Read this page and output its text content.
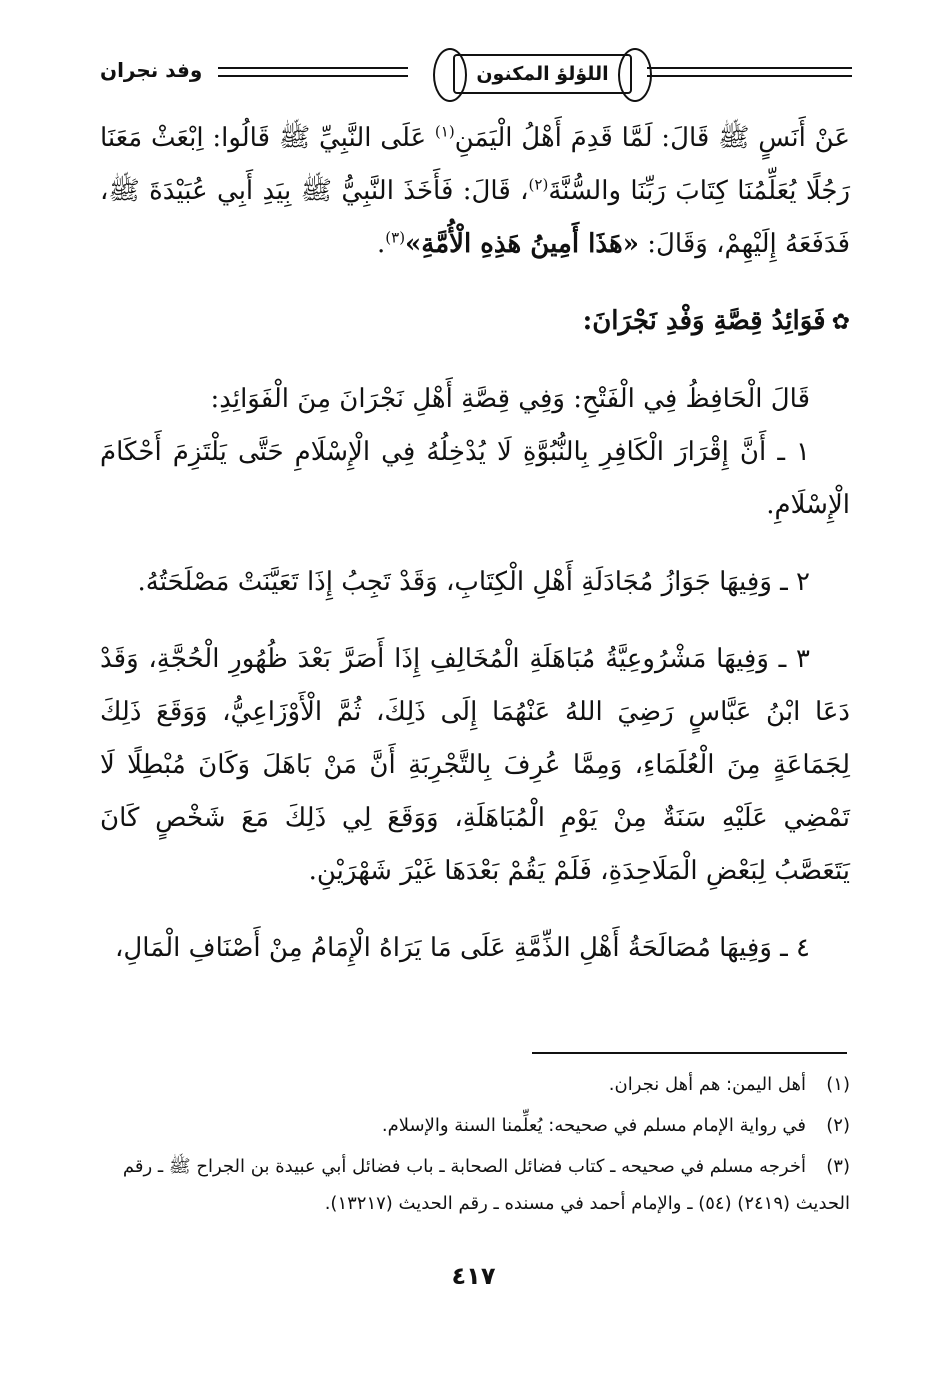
اللؤلؤ المكنون
وفد نجران

عَنْ أَنَسٍ ﷺ قَالَ: لَمَّا قَدِمَ أَهْلُ الْيَمَنِ$^{(١)}$ عَلَى النَّبِيِّ ﷺ قَالُوا: اِبْعَثْ مَعَنَا رَجُلًا يُعَلِّمُنَا كِتَابَ رَبِّنَا والسُّنَّةَ$^{(٢)}$، قَالَ: فَأَخَذَ النَّبِيُّ ﷺ بِيَدِ أَبِي عُبَيْدَةَ ﷺ، فَدَفَعَهُ إِلَيْهِمْ، وَقَالَ: «هَذَا أَمِينُ هَذِهِ الْأُمَّةِ»$^{(٣)}$.

✿فَوَائِدُ قِصَّةِ وَفْدِ نَجْرَانَ:

قَالَ الْحَافِظُ فِي الْفَتْحِ: وَفِي قِصَّةِ أَهْلِ نَجْرَانَ مِنَ الْفَوَائِدِ:

١ ـ أَنَّ إِقْرَارَ الْكَافِرِ بِالنُّبُوَّةِ لَا يُدْخِلُهُ فِي الْإِسْلَامِ حَتَّى يَلْتَزِمَ أَحْكَامَ الْإِسْلَامِ.

٢ ـ وَفِيهَا جَوَازُ مُجَادَلَةِ أَهْلِ الْكِتَابِ، وَقَدْ تَجِبُ إِذَا تَعَيَّنَتْ مَصْلَحَتُهُ.

٣ ـ وَفِيهَا مَشْرُوعِيَّةُ مُبَاهَلَةِ الْمُخَالِفِ إِذَا أَصَرَّ بَعْدَ ظُهُورِ الْحُجَّةِ، وَقَدْ دَعَا ابْنُ عَبَّاسٍ رَضِيَ اللهُ عَنْهُمَا إِلَى ذَلِكَ، ثُمَّ الْأَوْزَاعِيُّ، وَوَقَعَ ذَلِكَ لِجَمَاعَةٍ مِنَ الْعُلَمَاءِ، وَمِمَّا عُرِفَ بِالتَّجْرِبَةِ أَنَّ مَنْ بَاهَلَ وَكَانَ مُبْطِلًا لَا تَمْضِي عَلَيْهِ سَنَةٌ مِنْ يَوْمِ الْمُبَاهَلَةِ، وَوَقَعَ لِي ذَلِكَ مَعَ شَخْصٍ كَانَ يَتَعَصَّبُ لِبَعْضِ الْمَلَاحِدَةِ، فَلَمْ يَقُمْ بَعْدَهَا غَيْرَ شَهْرَيْنِ.

٤ ـ وَفِيهَا مُصَالَحَةُ أَهْلِ الذِّمَّةِ عَلَى مَا يَرَاهُ الْإِمَامُ مِنْ أَصْنَافِ الْمَالِ،

(١)أهل اليمن: هم أهل نجران.

(٢)في رواية الإمام مسلم في صحيحه: يُعلِّمنا السنة والإسلام.

(٣)أخرجه مسلم في صحيحه ـ كتاب فضائل الصحابة ـ باب فضائل أبي عبيدة بن الجراح ﷺ ـ رقم الحديث (٢٤١٩) (٥٤) ـ والإمام أحمد في مسنده ـ رقم الحديث (١٣٢١٧).

٤١٧
